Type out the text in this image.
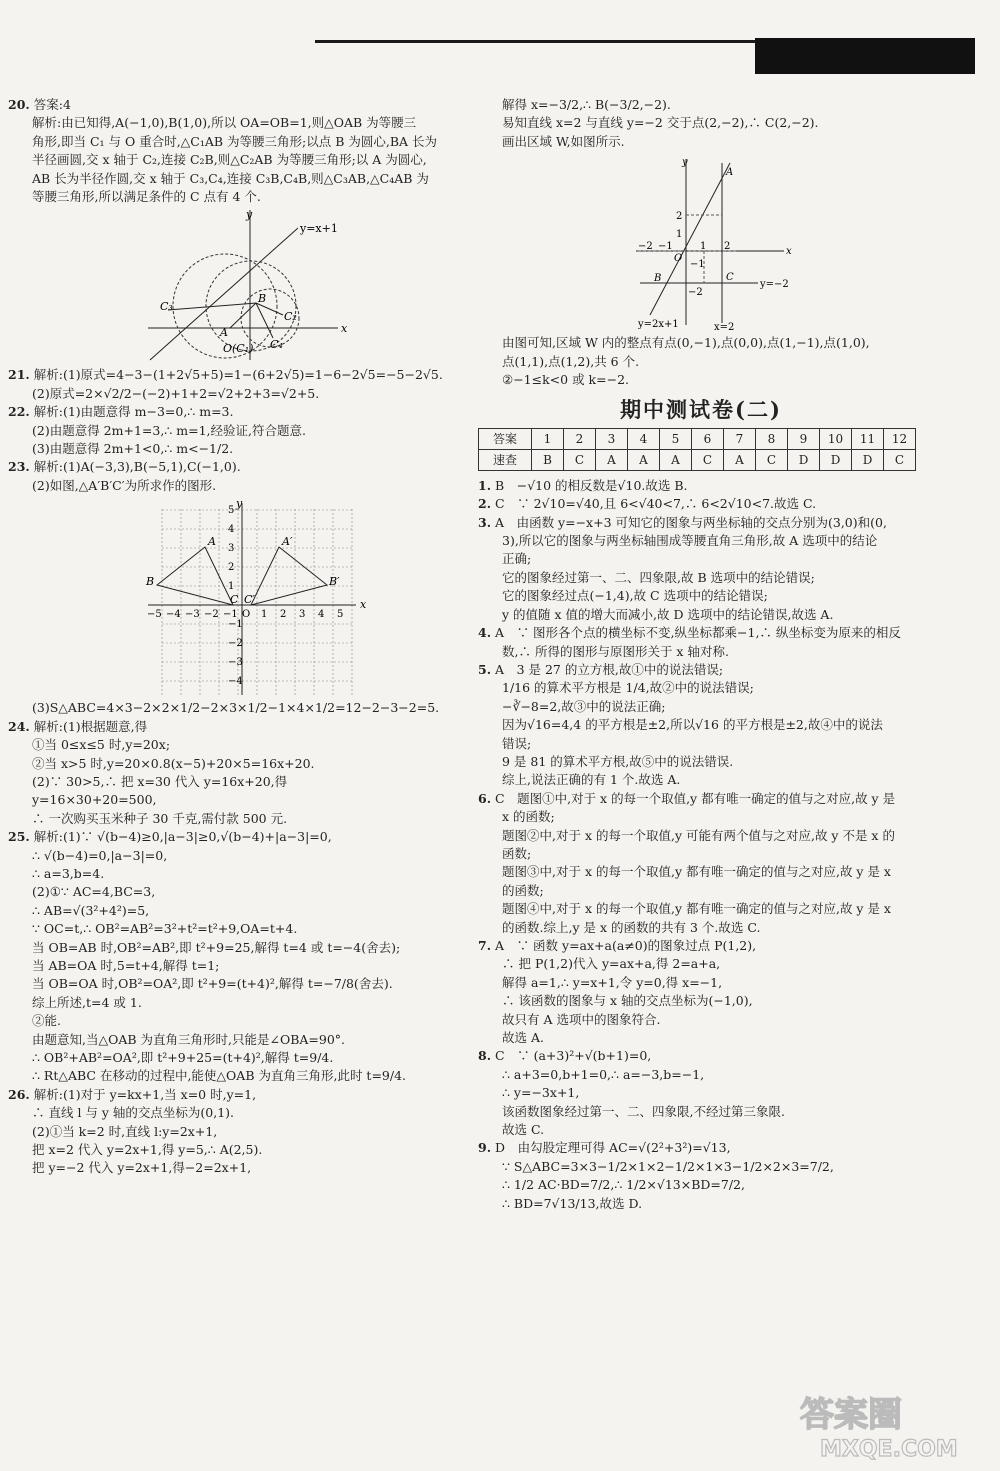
20. 答案:4
解析:由已知得,A(−1,0),B(1,0),所以 OA=OB=1,则△OAB 为等腰三
角形,即当 C₁ 与 O 重合时,△C₁AB 为等腰三角形;以点 B 为圆心,BA 长为
半径画圆,交 x 轴于 C₂,连接 C₂B,则△C₂AB 为等腰三角形;以 A 为圆心,
AB 长为半径作圆,交 x 轴于 C₃,C₄,连接 C₃B,C₄B,则△C₃AB,△C₄AB 为
等腰三角形,所以满足条件的 C 点有 4 个.
x
y
y=x+1
B
A
O(C₁)
C₂
C₃
C₄
21. 解析:(1)原式=4−3−(1+2√5+5)=1−(6+2√5)=1−6−2√5=−5−2√5.
(2)原式=2×√2/2−(−2)+1+2=√2+2+3=√2+5.
22. 解析:(1)由题意得 m−3=0,∴ m=3.
(2)由题意得 2m+1=3,∴ m=1,经验证,符合题意.
(3)由题意得 2m+1<0,∴ m<−1/2.
23. 解析:(1)A(−3,3),B(−5,1),C(−1,0).
(2)如图,△A′B′C′为所求作的图形.
x
y
A
B
C
A′
B′
C′
−5 −4 −3 −2 −1 O 1 2 3 4 5
5
4
3
2
1
−1
−2
−3
−4
(3)S△ABC=4×3−2×2×1/2−2×3×1/2−1×4×1/2=12−2−3−2=5.
24. 解析:(1)根据题意,得
①当 0≤x≤5 时,y=20x;
②当 x>5 时,y=20×0.8(x−5)+20×5=16x+20.
(2)∵ 30>5,∴ 把 x=30 代入 y=16x+20,得
y=16×30+20=500,
∴ 一次购买玉米种子 30 千克,需付款 500 元.
25. 解析:(1)∵ √(b−4)≥0,|a−3|≥0,√(b−4)+|a−3|=0,
∴ √(b−4)=0,|a−3|=0,
∴ a=3,b=4.
(2)①∵ AC=4,BC=3,
∴ AB=√(3²+4²)=5,
∵ OC=t,∴ OB²=AB²=3²+t²=t²+9,OA=t+4.
当 OB=AB 时,OB²=AB²,即 t²+9=25,解得 t=4 或 t=−4(舍去);
当 AB=OA 时,5=t+4,解得 t=1;
当 OB=OA 时,OB²=OA²,即 t²+9=(t+4)²,解得 t=−7/8(舍去).
综上所述,t=4 或 1.
②能.
由题意知,当△OAB 为直角三角形时,只能是∠OBA=90°.
∴ OB²+AB²=OA²,即 t²+9+25=(t+4)²,解得 t=9/4.
∴ Rt△ABC 在移动的过程中,能使△OAB 为直角三角形,此时 t=9/4.
26. 解析:(1)对于 y=kx+1,当 x=0 时,y=1,
∴ 直线 l 与 y 轴的交点坐标为(0,1).
(2)①当 k=2 时,直线 l:y=2x+1,
把 x=2 代入 y=2x+1,得 y=5,∴ A(2,5).
把 y=−2 代入 y=2x+1,得−2=2x+1,
解得 x=−3/2,∴ B(−3/2,−2).
易知直线 x=2 与直线 y=−2 交于点(2,−2),∴ C(2,−2).
画出区域 W,如图所示.
x
y
A
B	C
O
y=−2
y=2x+1	x=2
2
1
−1
−2 −1	1 2
−2
由图可知,区域 W 内的整点有点(0,−1),点(0,0),点(1,−1),点(1,0),
点(1,1),点(1,2),共 6 个.
②−1≤k<0 或 k=−2.
期中测试卷(二)
答案	1	2	3	4	5	6	7	8	9	10	11	12
速查	B	C	A	A	A	C	A	C	D	D	D	C
1. B　−√10 的相反数是√10.故选 B.
2. C　∵ 2√10=√40,且 6<√40<7,∴ 6<2√10<7.故选 C.
3. A　由函数 y=−x+3 可知它的图象与两坐标轴的交点分别为(3,0)和(0,
3),所以它的图象与两坐标轴围成等腰直角三角形,故 A 选项中的结论
正确;
它的图象经过第一、二、四象限,故 B 选项中的结论错误;
它的图象经过点(−1,4),故 C 选项中的结论错误;
y 的值随 x 值的增大而减小,故 D 选项中的结论错误,故选 A.
4. A　∵ 图形各个点的横坐标不变,纵坐标都乘−1,∴ 纵坐标变为原来的相反
数,∴ 所得的图形与原图形关于 x 轴对称.
5. A　3 是 27 的立方根,故①中的说法错误;
1/16 的算术平方根是 1/4,故②中的说法错误;
−∛−8=2,故③中的说法正确;
因为√16=4,4 的平方根是±2,所以√16 的平方根是±2,故④中的说法
错误;
9 是 81 的算术平方根,故⑤中的说法错误.
综上,说法正确的有 1 个.故选 A.
6. C　题图①中,对于 x 的每一个取值,y 都有唯一确定的值与之对应,故 y 是
x 的函数;
题图②中,对于 x 的每一个取值,y 可能有两个值与之对应,故 y 不是 x 的
函数;
题图③中,对于 x 的每一个取值,y 都有唯一确定的值与之对应,故 y 是 x
的函数;
题图④中,对于 x 的每一个取值,y 都有唯一确定的值与之对应,故 y 是 x
的函数.综上,y 是 x 的函数的共有 3 个.故选 C.
7. A　∵ 函数 y=ax+a(a≠0)的图象过点 P(1,2),
∴ 把 P(1,2)代入 y=ax+a,得 2=a+a,
解得 a=1,∴ y=x+1,令 y=0,得 x=−1,
∴ 该函数的图象与 x 轴的交点坐标为(−1,0),
故只有 A 选项中的图象符合.
故选 A.
8. C　∵ (a+3)²+√(b+1)=0,
∴ a+3=0,b+1=0,∴ a=−3,b=−1,
∴ y=−3x+1,
该函数图象经过第一、二、四象限,不经过第三象限.
故选 C.
9. D　由勾股定理可得 AC=√(2²+3²)=√13,
∵ S△ABC=3×3−1/2×1×2−1/2×1×3−1/2×2×3=7/2,
∴ 1/2 AC·BD=7/2,∴ 1/2×√13×BD=7/2,
∴ BD=7√13/13,故选 D.
答案圈
MXQE.COM
